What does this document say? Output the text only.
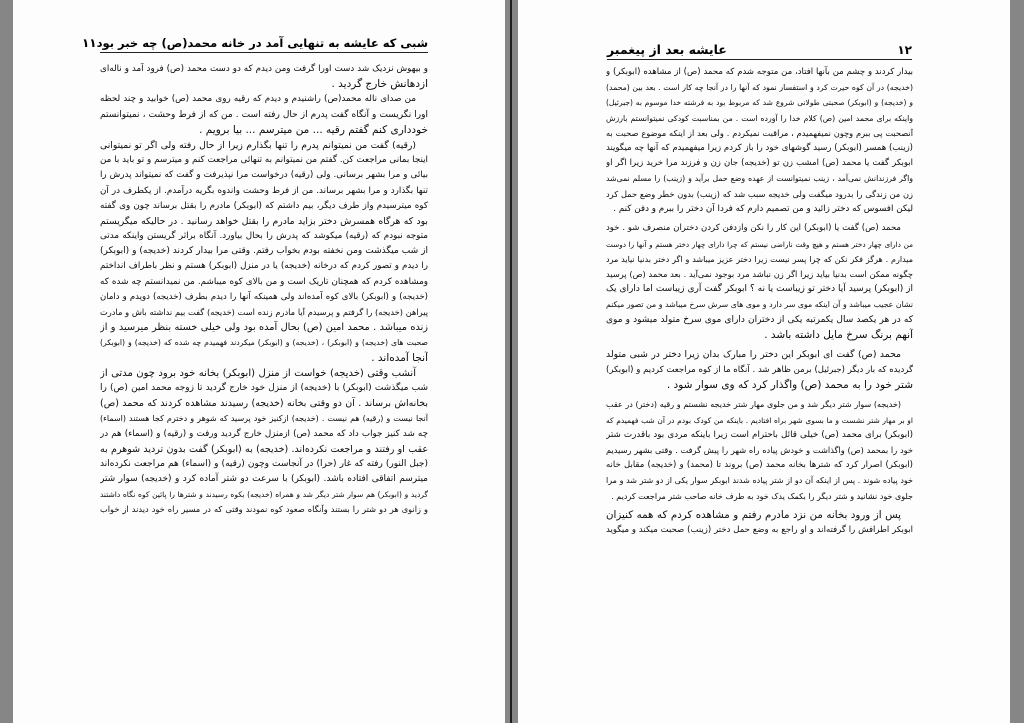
شبی که عایشه به تنهایی آمد در خانه محمد(ص) چه خبر بود
۱۱
و بیهوش نزدیک شد دست اورا گرفت ومن دیدم که دو دست محمد (ص) فرود آمد و ناله‌ای
ازدهانش خارج گردید .
من صدای ناله محمد(ص) راشنیدم و دیدم که رقیه روی محمد (ص) خوابید و چند لحظه
اورا نگریست و آنگاه گفت پدرم از حال رفته است . من که از فرط وحشت ، نمیتوانستم
خودداری کنم گفتم رقیه ... من میترسم ... بیا برویم .
(رقیه) گفت من نمیتوانم پدرم را تنها بگذارم زیرا از حال رفته ولی اگر تو نمیتوانی
اینجا بمانی مراجعت کن. گفتم من نمیتوانم به تنهائی مراجعت کنم و میترسم و تو باید با من
بیائی و مرا بشهر برسانی. ولی (رقیه) درخواست مرا نپذیرفت و گفت که نمیتواند پدرش را
تنها بگذارد و مرا بشهر برساند. من از فرط وحشت واندوه بگریه درآمدم. از یکطرف در آن
کوه میترسیدم واز طرف دیگر، بیم داشتم که (ابوبکر) مادرم را بقتل برساند چون وی گفته
بود که هرگاه همسرش دختر بزاید مادرم را بقتل خواهد رسانید . در حالیکه میگریستم
متوجه نبودم که (رقیه) میکوشد که پدرش را بحال بیاورد. آنگاه براثر گریستن واینکه مدتی
از شب میگذشت ومن نخفته بودم بخواب رفتم. وقتی مرا بیدار کردند (خدیجه) و (ابوبکر)
را دیدم و تصور کردم که درخانه (خدیجه) یا در منزل (ابوبکر) هستم و نظر باطراف انداختم
ومشاهده کردم که همچنان تاریک است و من بالای کوه میباشم. من نمیدانستم چه شده که
(خدیجه) و (ابوبکر) بالای کوه آمده‌اند ولی همینکه آنها را دیدم بطرف (خدیجه) دویدم و دامان
پیراهن (خدیجه) را گرفتم و پرسیدم آیا مادرم زنده است (خدیجه) گفت بیم نداشته باش و مادرت
زنده میباشد . محمد امین (ص) بحال آمده بود ولی خیلی خسته بنظر میرسید و از
صحبت های (خدیجه) و (ابوبکر) ، (خدیجه) و (ابوبکر) میکردند فهمیدم چه شده که (خدیجه) و (ابوبکر)
آنجا آمده‌اند .
آنشب وقتی (خدیجه) خواست از منزل (ابوبکر) بخانه خود برود چون مدتی از
شب میگذشت (ابوبکر) با (خدیجه) از منزل خود خارج گردید تا زوجه محمد امین (ص) را
بخانه‌اش برساند . آن دو وقتی بخانه (خدیجه) رسیدند مشاهده کردند که محمد (ص)
آنجا نیست و (رقیه) هم نیست . (خدیجه) ازکنیز خود پرسید که شوهر و دخترم کجا هستند (اسماء)
چه شد کنیز جواب داد که محمد (ص) ازمنزل خارج گردید ورفت و (رقیه) و (اسماء) هم در
عقب او رفتند و مراجعت نکرده‌اند. (خدیجه) به (ابوبکر) گفت بدون تردید شوهرم به
(جبل النور) رفته که غار (حرا) در آنجاست وچون (رقیه) و (اسماء) هم مراجعت نکرده‌اند
میترسم اتفاقی افتاده باشد. (ابوبکر) با سرعت دو شتر آماده کرد و (خدیجه) سوار شتر
گردید و (ابوبکر) هم سوار شتر دیگر شد و همراه (خدیجه) بکوه رسیدند و شترها را پائین کوه نگاه داشتند
و زانوی هر دو شتر را بستند وآنگاه صعود کوه نمودند وقتی که در مسیر راه خود دیدند از خواب
۱۲
عایشه بعد از پیغمبر
بیدار کردند و چشم من بآنها افتاد، من متوجه شدم که محمد (ص) از مشاهده (ابوبکر) و
(خدیجه) در آن کوه حیرت کرد و استفسار نمود که آنها را در آنجا چه کار است . بعد بین (محمد)
و (خدیجه) و (ابوبکر) صحبتی طولانی شروع شد که مربوط بود به فرشته خدا موسوم به (جبرئیل)
واینکه برای محمد امین (ص) کلام خدا را آورده است . من بمناسبت کودکی نمیتوانستم بارزش
آنصحبت پی ببرم وچون نمیفهمیدم ، مراقبت نمیکردم . ولی بعد از اینکه موضوع صحبت به
(زینب) همسر (ابوبکر) رسید گوشهای خود را باز کردم زیرا میفهمیدم که آنها چه میگویند
ابوبکر گفت یا محمد (ص) امشب زن تو (خدیجه) جان زن و فرزند مرا خرید زیرا اگر او
واگر فرزندانش نمی‌آمد ، زینب نمیتوانست از عهده وضع حمل برآید و (زینب) را مسلم نمی‌شد
زن من زندگی را بدرود میگفت ولی خدیجه سبب شد که (زینب) بدون خطر وضع حمل کرد
لیکن افسوس که دختر زائید و من تصمیم دارم که فردا آن دختر را ببرم و دفن کنم .
محمد (ص) گفت یا (ابوبکر) این کار را نکن وازدفن کردن دختران منصرف شو . خود
من دارای چهار دختر هستم و هیچ وقت ناراضی نیستم که چرا دارای چهار دختر هستم و آنها را دوست
میدارم . هرگز فکر نکن که چرا پسر نیست زیرا دختر عزیز میباشد و اگر دختر بدنیا نیاید مرد
چگونه ممکن است بدنیا بیاید زیرا اگر زن نباشد مرد بوجود نمی‌آید . بعد محمد (ص) پرسید
از (ابوبکر) پرسید آیا دختر تو زیباست یا نه ؟ ابوبکر گفت آری زیباست اما دارای یک
نشان عجیب میباشد و آن اینکه موی سر دارد و موی های سرش سرخ میباشد و من تصور میکنم
که در هر یکصد سال یکمرتبه یکی از دختران دارای موی سرخ متولد میشود و موی
آنهم برنگ سرخ مایل داشته باشد .
محمد (ص) گفت ای ابوبکر این دختر را مبارک بدان زیرا دختر در شبی متولد
گردیده که بار دیگر (جبرئیل) برمن ظاهر شد . آنگاه ما از کوه مراجعت کردیم و (ابوبکر)
شتر خود را به محمد (ص) واگذار کرد که وی سوار شود .
(خدیجه) سوار شتر دیگر شد و من جلوی مهار شتر خدیجه نشستم و رقیه (دختر) در عقب
او بر مهار شتر نشست و ما بسوی شهر براه افتادیم . باینکه من کودک بودم در آن شب فهمیدم که
(ابوبکر) برای محمد (ص) خیلی قائل باحترام است زیرا باینکه مردی بود باقدرت شتر
خود را بمحمد (ص) واگذاشت و خودش پیاده راه شهر را پیش گرفت . وقتی بشهر رسیدیم
(ابوبکر) اصرار کرد که شترها بخانه محمد (ص) بروند تا (محمد) و (خدیجه) مقابل خانه
خود پیاده شوند . پس از اینکه آن دو از شتر پیاده شدند ابوبکر سوار یکی از دو شتر شد و مرا
جلوی خود نشانید و شتر دیگر را بکمک یدک خود به طرف خانه صاحب شتر مراجعت کردیم .
پس از ورود بخانه من نزد مادرم رفتم و مشاهده کردم که همه کنیزان
ابوبکر اطرافش را گرفته‌اند و او راجع به وضع حمل دختر (زینب) صحبت میکند و میگوید
